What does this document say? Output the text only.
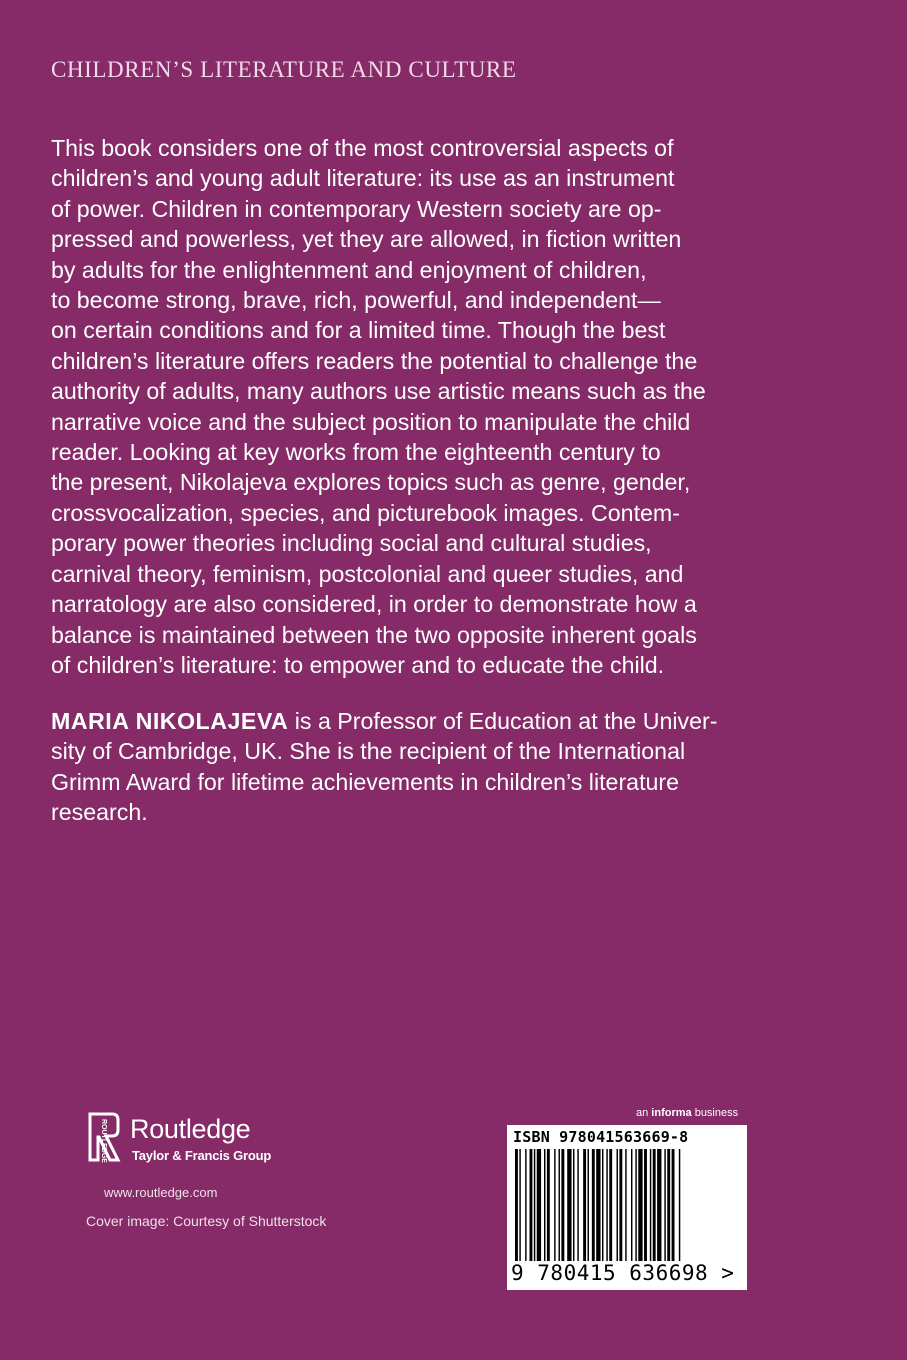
CHILDREN’S LITERATURE AND CULTURE
This book considers one of the most controversial aspects of
children’s and young adult literature: its use as an instrument
of power. Children in contemporary Western society are op-
pressed and powerless, yet they are allowed, in fiction written
by adults for the enlightenment and enjoyment of children,
to become strong, brave, rich, powerful, and independent—
on certain conditions and for a limited time. Though the best
children’s literature offers readers the potential to challenge the
authority of adults, many authors use artistic means such as the
narrative voice and the subject position to manipulate the child
reader. Looking at key works from the eighteenth century to
the present, Nikolajeva explores topics such as genre, gender,
crossvocalization, species, and picturebook images. Contem-
porary power theories including social and cultural studies,
carnival theory, feminism, postcolonial and queer studies, and
narratology are also considered, in order to demonstrate how a
balance is maintained between the two opposite inherent goals
of children’s literature: to empower and to educate the child.
MARIA NIKOLAJEVA is a Professor of Education at the Univer-
sity of Cambridge, UK. She is the recipient of the International
Grimm Award for lifetime achievements in children’s literature
research.
ROUTLEDGE Routledge
Taylor & Francis Group
www.routledge.com
Cover image: Courtesy of Shutterstock
an informa business
ISBN 978041563669-8
9 780415 636698 >
